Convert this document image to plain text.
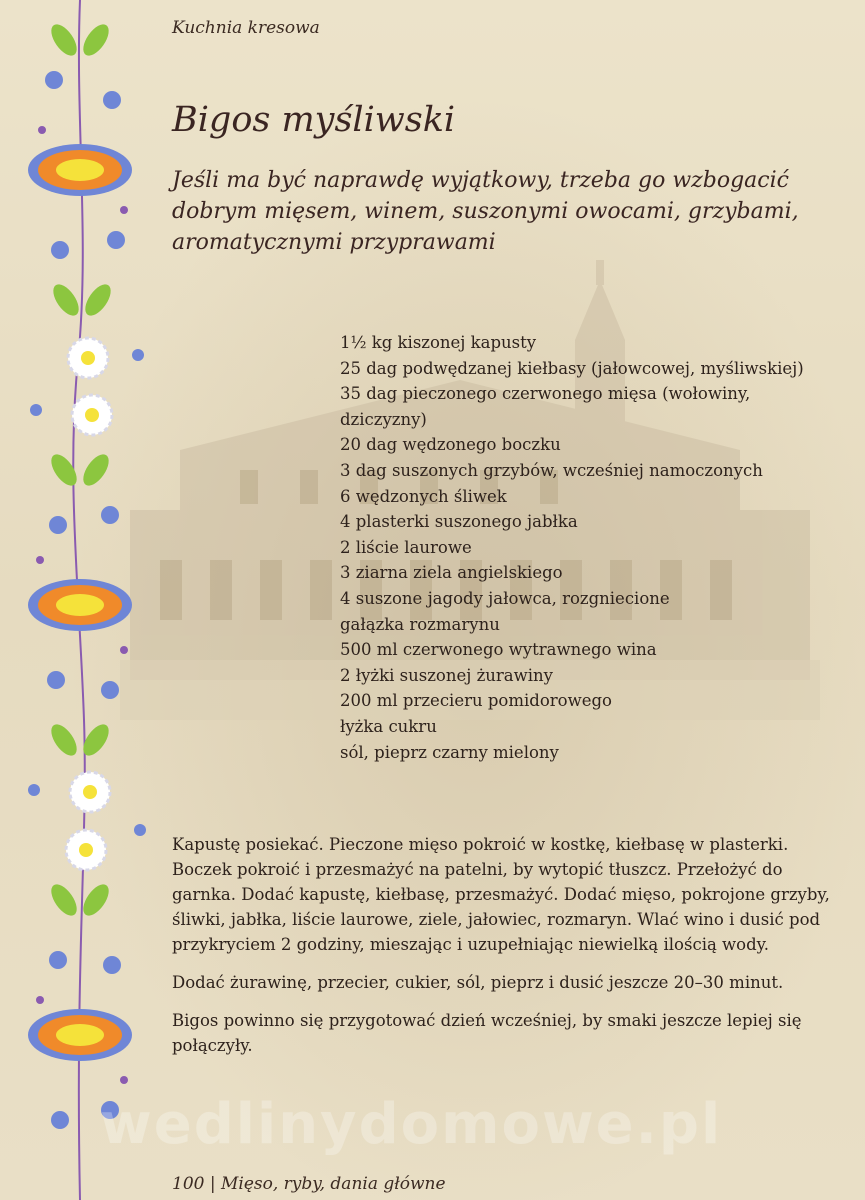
Kuchnia kresowa
Bigos myśliwski

Jeśli ma być naprawdę wyjątkowy, trzeba go wzbogacić dobrym mięsem, winem, suszonymi owocami, grzybami, aromatycznymi przyprawami

1½ kg kiszonej kapusty
25 dag podwędzanej kiełbasy (jałowcowej, myśliwskiej)
35 dag pieczonego czerwonego mięsa (wołowiny,
dziczyzny)
20 dag wędzonego boczku
3 dag suszonych grzybów, wcześniej namoczonych
6 wędzonych śliwek
4 plasterki suszonego jabłka
2 liście laurowe
3 ziarna ziela angielskiego
4 suszone jagody jałowca, rozgniecione
gałązka rozmarynu
500 ml czerwonego wytrawnego wina
2 łyżki suszonej żurawiny
200 ml przecieru pomidorowego
łyżka cukru
sól, pieprz czarny mielony

Kapustę posiekać. Pieczone mięso pokroić w kostkę, kiełbasę w plasterki. Boczek pokroić i przesmażyć na patelni, by wytopić tłuszcz. Przełożyć do garnka. Dodać kapustę, kiełbasę, przesmażyć. Dodać mięso, pokrojone grzyby, śliwki, jabłka, liście laurowe, ziele, jałowiec, rozmaryn. Wlać wino i dusić pod przykryciem 2 godziny, mieszając i uzupełniając niewielką ilością wody.

Dodać żurawinę, przecier, cukier, sól, pieprz i dusić jeszcze 20–30 minut.

Bigos powinno się przygotować dzień wcześniej, by smaki jeszcze lepiej się połączyły.

wedlinydomowe.pl
100 | Mięso, ryby, dania główne
